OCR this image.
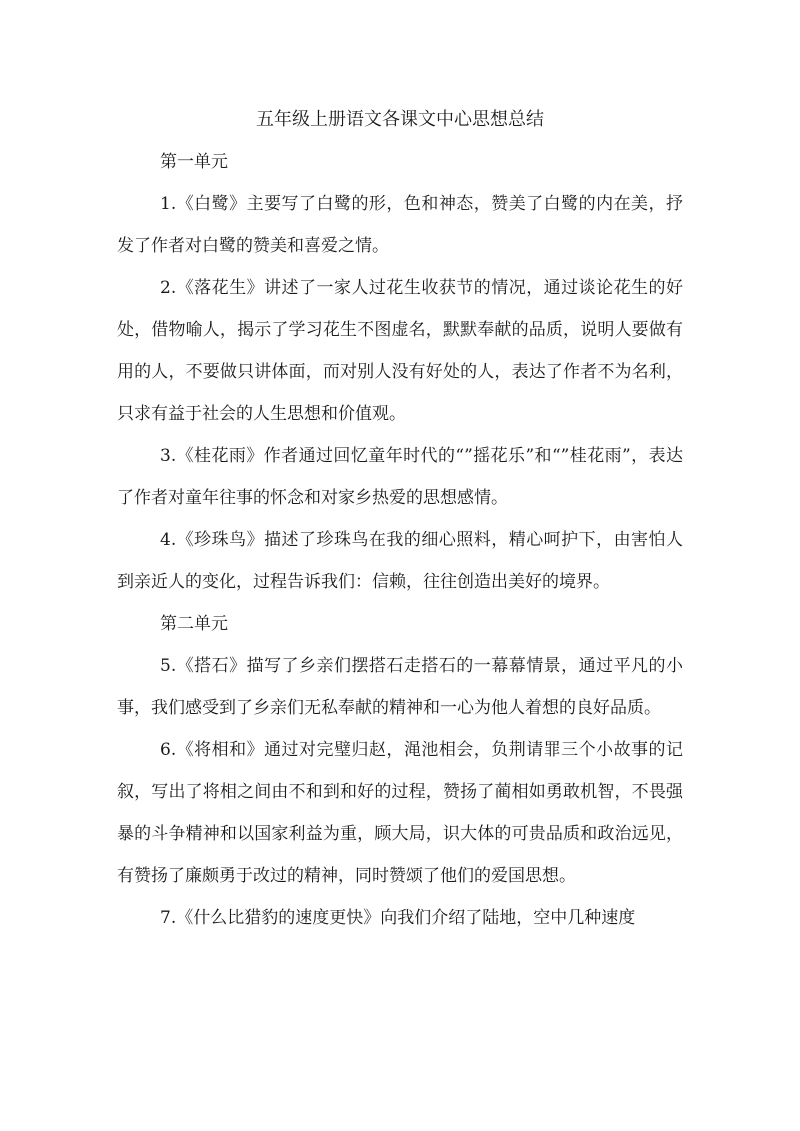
五年级上册语文各课文中心思想总结

第一单元

1.《白鹭》主要写了白鹭的形，色和神态，赞美了白鹭的内在美，抒发了作者对白鹭的赞美和喜爱之情。

2.《落花生》讲述了一家人过花生收获节的情况，通过谈论花生的好处，借物喻人，揭示了学习花生不图虚名，默默奉献的品质，说明人要做有用的人，不要做只讲体面，而对别人没有好处的人，表达了作者不为名利，只求有益于社会的人生思想和价值观。

3.《桂花雨》作者通过回忆童年时代的“”摇花乐”和“”桂花雨”，表达了作者对童年往事的怀念和对家乡热爱的思想感情。

4.《珍珠鸟》描述了珍珠鸟在我的细心照料，精心呵护下，由害怕人到亲近人的变化，过程告诉我们：信赖，往往创造出美好的境界。

第二单元

5.《搭石》描写了乡亲们摆搭石走搭石的一幕幕情景，通过平凡的小事，我们感受到了乡亲们无私奉献的精神和一心为他人着想的良好品质。

6.《将相和》通过对完璧归赵，渑池相会，负荆请罪三个小故事的记叙，写出了将相之间由不和到和好的过程，赞扬了蔺相如勇敢机智，不畏强暴的斗争精神和以国家利益为重，顾大局，识大体的可贵品质和政治远见，有赞扬了廉颇勇于改过的精神，同时赞颂了他们的爱国思想。

7.《什么比猎豹的速度更快》向我们介绍了陆地，空中几种速度
